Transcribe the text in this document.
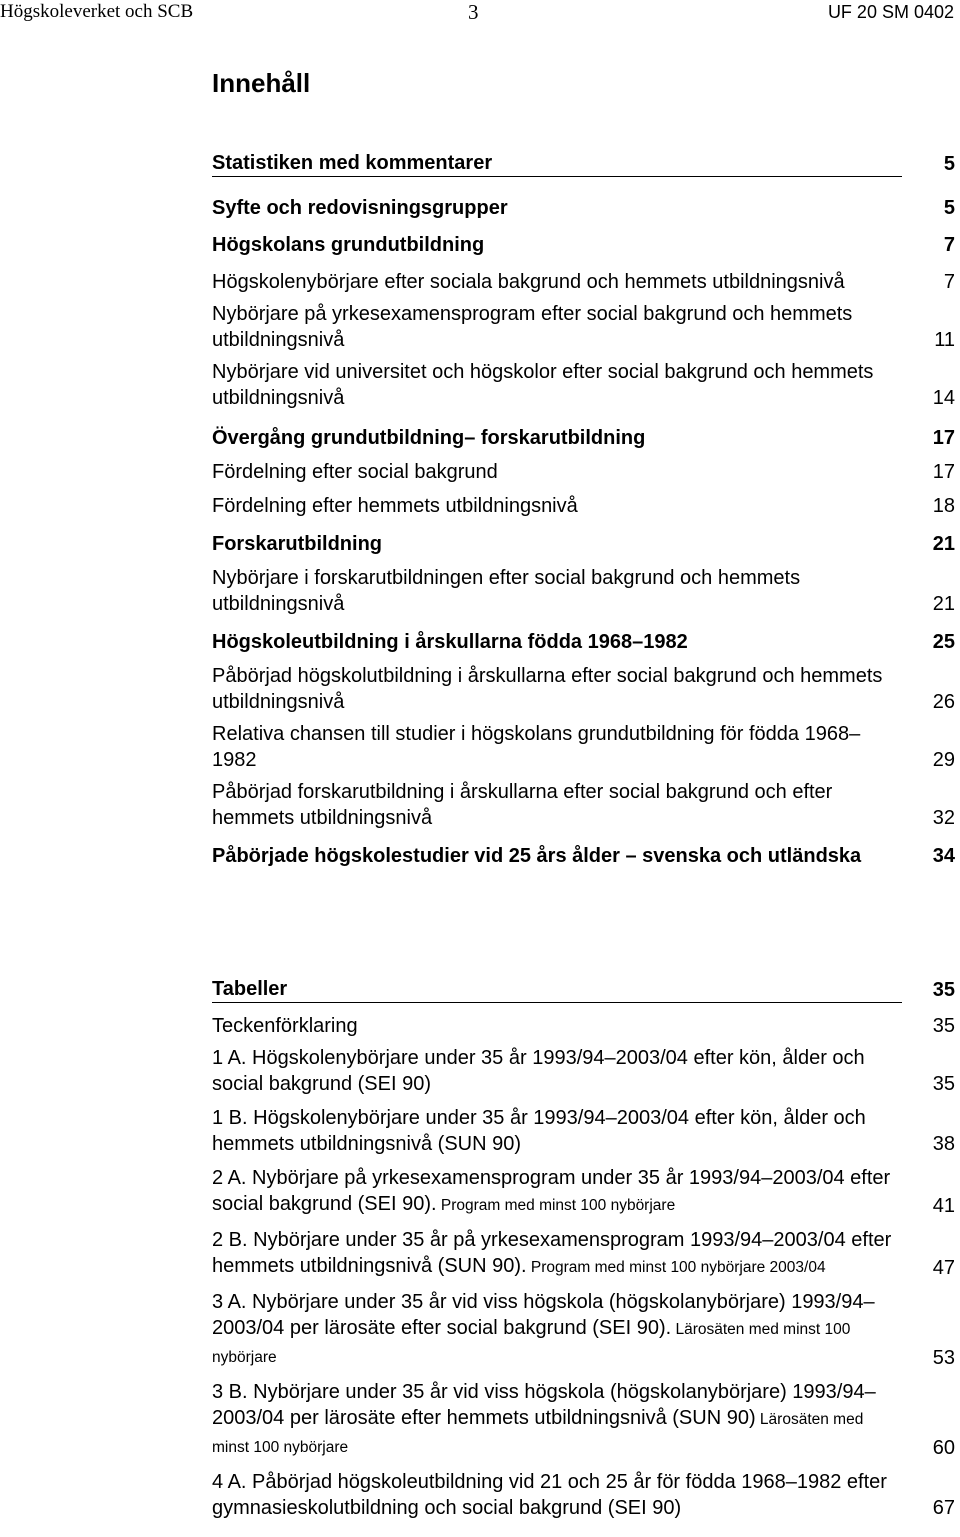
Högskoleverket och SCB	3	UF 20 SM 0402
Innehåll
Statistiken med kommentarer	5
Syfte och redovisningsgrupper	5
Högskolans grundutbildning	7
Högskolenybörjare efter sociala bakgrund och hemmets utbildningsnivå	7
Nybörjare på yrkesexamensprogram efter social bakgrund och hemmets utbildningsnivå	11
Nybörjare vid universitet och högskolor efter social bakgrund och hemmets utbildningsnivå	14
Övergång grundutbildning– forskarutbildning	17
Fördelning efter social bakgrund	17
Fördelning efter hemmets utbildningsnivå	18
Forskarutbildning	21
Nybörjare i forskarutbildningen efter social bakgrund och hemmets utbildningsnivå	21
Högskoleutbildning i årskullarna födda 1968–1982	25
Påbörjad högskolutbildning i årskullarna efter social bakgrund och hemmets utbildningsnivå	26
Relativa chansen till studier i högskolans grundutbildning för födda 1968–1982	29
Påbörjad forskarutbildning i årskullarna efter social bakgrund och efter hemmets utbildningsnivå	32
Påbörjade högskolestudier vid 25 års ålder – svenska och utländska	34
Tabeller	35
Teckenförklaring	35
1 A. Högskolenybörjare under 35 år 1993/94–2003/04 efter kön, ålder och social bakgrund (SEI 90)	35
1 B. Högskolenybörjare under 35 år 1993/94–2003/04 efter kön, ålder och hemmets utbildningsnivå (SUN 90)	38
2 A. Nybörjare på yrkesexamensprogram under 35 år 1993/94–2003/04 efter social bakgrund (SEI 90). Program med minst 100 nybörjare	41
2 B. Nybörjare under 35 år på yrkesexamensprogram 1993/94–2003/04 efter hemmets utbildningsnivå (SUN 90). Program med minst 100 nybörjare 2003/04	47
3 A. Nybörjare under 35 år vid viss högskola (högskolanybörjare) 1993/94–2003/04 per lärosäte efter social bakgrund (SEI 90). Lärosäten med minst 100 nybörjare	53
3 B. Nybörjare under 35 år vid viss högskola (högskolanybörjare) 1993/94–2003/04 per lärosäte efter hemmets utbildningsnivå (SUN 90) Lärosäten med minst 100 nybörjare	60
4 A. Påbörjad högskoleutbildning vid 21 och 25 år för födda 1968–1982 efter gymnasieskolutbildning och social bakgrund (SEI 90)	67
